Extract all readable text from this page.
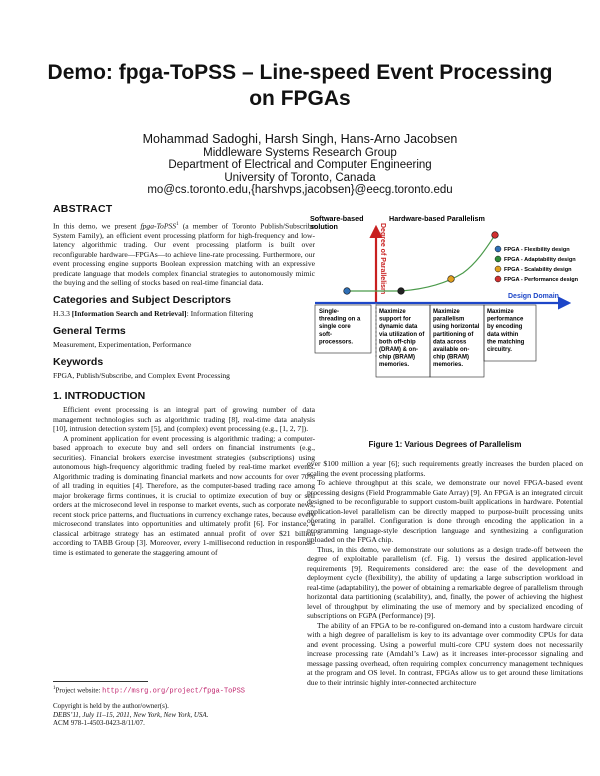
Demo: fpga-ToPSS – Line-speed Event Processing on FPGAs
Mohammad Sadoghi, Harsh Singh, Hans-Arno Jacobsen
Middleware Systems Research Group
Department of Electrical and Computer Engineering
University of Toronto, Canada
mo@cs.toronto.edu,{harshvps,jacobsen}@eecg.toronto.edu
ABSTRACT

In this demo, we present fpga-ToPSS$^1$ (a member of Toronto Publish/Subscribe System Family), an efficient event processing platform for high-frequency and low-latency algorithmic trading. Our event processing platform is built over reconfigurable hardware—FPGAs—to achieve line-rate processing. Furthermore, our event processing engine supports Boolean expression matching with an expressive predicate language that models complex financial strategies to autonomously mimic the buying and the selling of stocks based on real-time financial data.

Categories and Subject Descriptors

H.3.3 [Information Search and Retrieval]: Information filtering

General Terms

Measurement, Experimentation, Performance

Keywords

FPGA, Publish/Subscribe, and Complex Event Processing

1. INTRODUCTION

Efficient event processing is an integral part of growing number of data management technologies such as algorithmic trading [8], real-time data analysis [10], intrusion detection system [5], and (complex) event processing (e.g., [1, 2, 7]).

A prominent application for event processing is algorithmic trading; a computer-based approach to execute buy and sell orders on financial instruments (e.g., securities). Financial brokers exercise investment strategies (subscriptions) using autonomous high-frequency algorithmic trading fueled by real-time market events. Algorithmic trading is dominating financial markets and now accounts for over 70% of all trading in equities [4]. Therefore, as the computer-based trading race among major brokerage firms continues, it is crucial to optimize execution of buy or sell orders at the microsecond level in response to market events, such as corporate news, recent stock price patterns, and fluctuations in currency exchange rates, because every microsecond translates into opportunities and ultimately profit [6]. For instance, a classical arbitrage strategy has an estimated annual profit of over $21 billion according to TABB Group [3]. Moreover, every 1-millisecond reduction in response-time is estimated to generate the staggering amount of

$^1$Project website: http://msrg.org/project/fpga-ToPSS
Copyright is held by the author/owner(s).
DEBS’11, July 11–15, 2011, New York, New York, USA.
ACM 978-1-4503-0423-8/11/07.
Software-based
solution
Hardware-based Parallelism
Degree of Parallelism
Design Domain
FPGA - Flexibility design
FPGA - Adaptability design
FPGA - Scalability design
FPGA - Performance design
Single-threading on a single core soft-processors.
Maximize support for dynamic data via utilization of both off-chip (DRAM) & on-chip (BRAM) memories.
Maximize parallelism using horizontal partitioning of data across available on-chip (BRAM) memories.
Maximize performance by encoding data within the matching circuitry.
Figure 1: Various Degrees of Parallelism

over $100 million a year [6]; such requirements greatly increases the burden placed on scaling the event processing platforms.

To achieve throughput at this scale, we demonstrate our novel FPGA-based event processing designs (Field Programmable Gate Array) [9]. An FPGA is an integrated circuit designed to be reconfigurable to support custom-built applications in hardware. Potential application-level parallelism can be directly mapped to purpose-built processing units operating in parallel. Configuration is done through encoding the application in a programming language-style description language and synthesizing a configuration uploaded on the FPGA chip.

Thus, in this demo, we demonstrate our solutions as a design trade-off between the degree of exploitable parallelism (cf. Fig. 1) versus the desired application-level requirements [9]. Requirements considered are: the ease of the development and deployment cycle (flexibility), the ability of updating a large subscription workload in real-time (adaptability), the power of obtaining a remarkable degree of parallelism through horizontal data partitioning (scalability), and, finally, the power of achieving the highest level of throughput by eliminating the use of memory and by specialized encoding of subscriptions on FGPA (Performance) [9].

The ability of an FPGA to be re-configured on-demand into a custom hardware circuit with a high degree of parallelism is key to its advantage over commodity CPUs for data and event processing. Using a powerful multi-core CPU system does not necessarily increase processing rate (Amdahl’s Law) as it increases inter-processor signaling and message passing overhead, often requiring complex concurrency management techniques at the program and OS level. In contrast, FPGAs allow us to get around these limitations due to their intrinsic highly inter-connected architecture
